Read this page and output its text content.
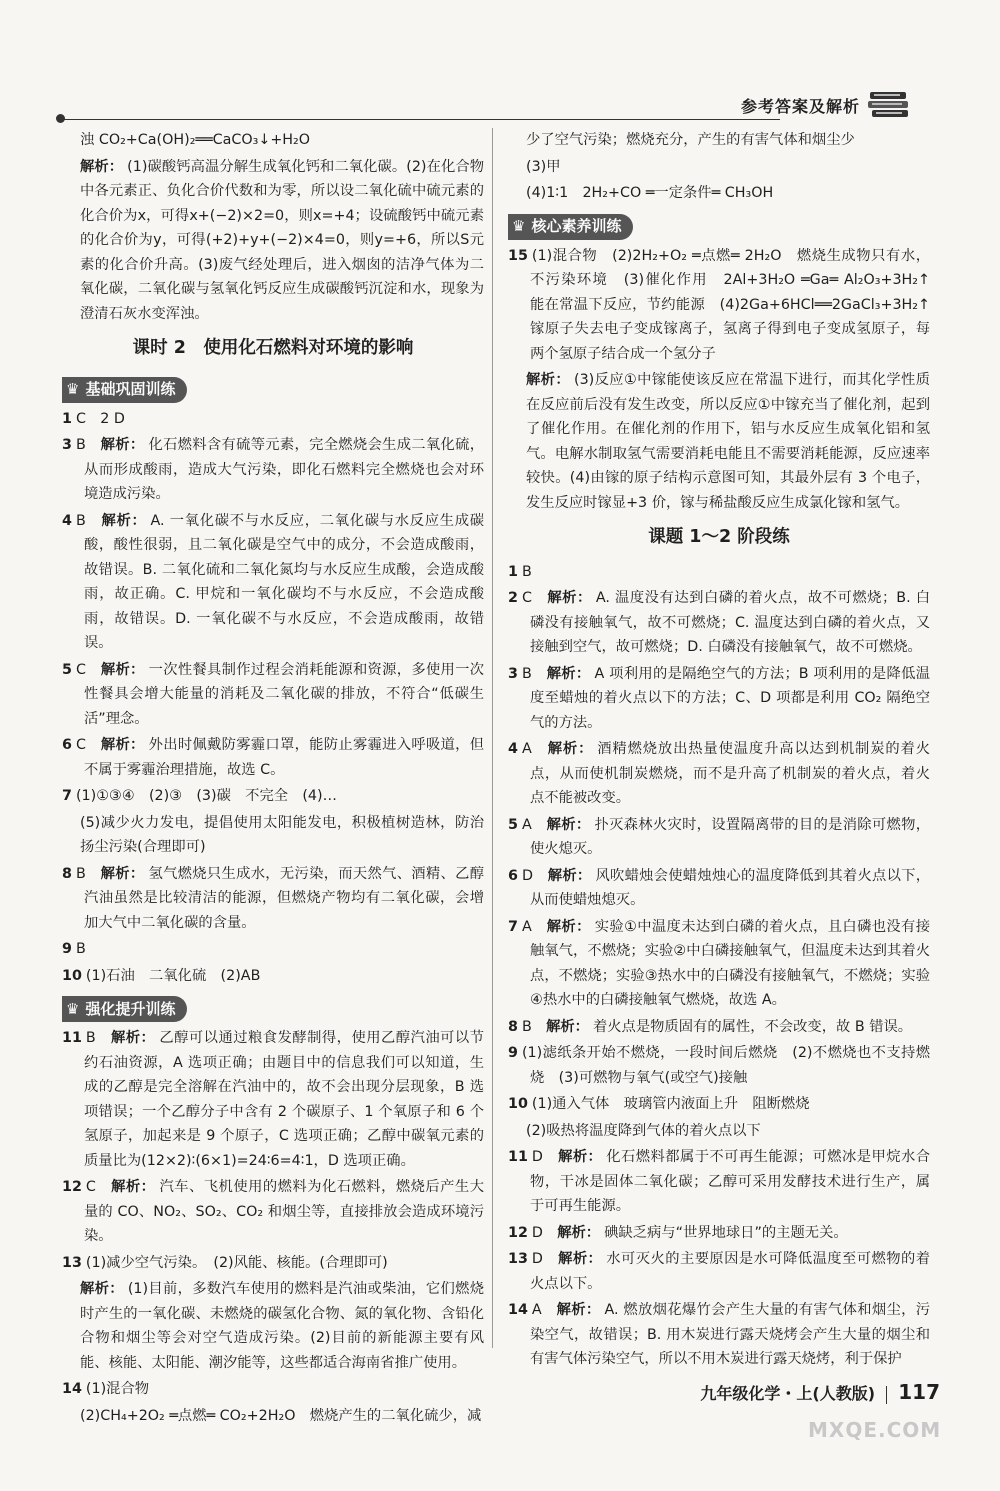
参考答案及解析

浊 CO₂+Ca(OH)₂══CaCO₃↓+H₂O

解析： (1)碳酸钙高温分解生成氧化钙和二氧化碳。(2)在化合物中各元素正、负化合价代数和为零，所以设二氧化硫中硫元素的化合价为x，可得x+(−2)×2=0，则x=+4；设硫酸钙中硫元素的化合价为y，可得(+2)+y+(−2)×4=0，则y=+6，所以S元素的化合价升高。(3)废气经处理后，进入烟囱的洁净气体为二氧化碳，二氧化碳与氢氧化钙反应生成碳酸钙沉淀和水，现象为澄清石灰水变浑浊。

课时 2　使用化石燃料对环境的影响
♛ 基础巩固训练

1 C　2 D

3 B　解析： 化石燃料含有硫等元素，完全燃烧会生成二氧化硫，从而形成酸雨，造成大气污染，即化石燃料完全燃烧也会对环境造成污染。

4 B　解析： A. 一氧化碳不与水反应，二氧化碳与水反应生成碳酸，酸性很弱，且二氧化碳是空气中的成分，不会造成酸雨，故错误。B. 二氧化硫和二氧化氮均与水反应生成酸，会造成酸雨，故正确。C. 甲烷和一氧化碳均不与水反应，不会造成酸雨，故错误。D. 一氧化碳不与水反应，不会造成酸雨，故错误。

5 C　解析： 一次性餐具制作过程会消耗能源和资源，多使用一次性餐具会增大能量的消耗及二氧化碳的排放，不符合“低碳生活”理念。

6 C　解析： 外出时佩戴防雾霾口罩，能防止雾霾进入呼吸道，但不属于雾霾治理措施，故选 C。

7 (1)①③④　(2)③　(3)碳　不完全　(4)…

(5)减少火力发电，提倡使用太阳能发电，积极植树造林，防治扬尘污染(合理即可)

8 B　解析： 氢气燃烧只生成水，无污染，而天然气、酒精、乙醇汽油虽然是比较清洁的能源，但燃烧产物均有二氧化碳，会增加大气中二氧化碳的含量。

9 B

10 (1)石油　二氧化硫　(2)AB

♛ 强化提升训练

11 B　解析： 乙醇可以通过粮食发酵制得，使用乙醇汽油可以节约石油资源，A 选项正确；由题目中的信息我们可以知道，生成的乙醇是完全溶解在汽油中的，故不会出现分层现象，B 选项错误；一个乙醇分子中含有 2 个碳原子、1 个氧原子和 6 个氢原子，加起来是 9 个原子，C 选项正确；乙醇中碳氧元素的质量比为(12×2)∶(6×1)=24∶6=4∶1，D 选项正确。

12 C　解析： 汽车、飞机使用的燃料为化石燃料，燃烧后产生大量的 CO、NO₂、SO₂、CO₂ 和烟尘等，直接排放会造成环境污染。

13 (1)减少空气污染。　(2)风能、核能。(合理即可)

解析： (1)目前，多数汽车使用的燃料是汽油或柴油，它们燃烧时产生的一氧化碳、未燃烧的碳氢化合物、氮的氧化物、含铅化合物和烟尘等会对空气造成污染。(2)目前的新能源主要有风能、核能、太阳能、潮汐能等，这些都适合海南省推广使用。

14 (1)混合物

(2)CH₄+2O₂ ═点燃═ CO₂+2H₂O　燃烧产生的二氧化硫少，减

少了空气污染；燃烧充分，产生的有害气体和烟尘少

(3)甲

(4)1∶1　2H₂+CO ═一定条件═ CH₃OH

♛ 核心素养训练

15 (1)混合物　(2)2H₂+O₂ ═点燃═ 2H₂O　燃烧生成物只有水，不污染环境　(3)催化作用　2Al+3H₂O ═Ga═ Al₂O₃+3H₂↑　能在常温下反应，节约能源　(4)2Ga+6HCl══2GaCl₃+3H₂↑　镓原子失去电子变成镓离子，氢离子得到电子变成氢原子，每两个氢原子结合成一个氢分子

解析： (3)反应①中镓能使该反应在常温下进行，而其化学性质在反应前后没有发生改变，所以反应①中镓充当了催化剂，起到了催化作用。在催化剂的作用下，铝与水反应生成氧化铝和氢气。电解水制取氢气需要消耗电能且不需要消耗能源，反应速率较快。(4)由镓的原子结构示意图可知，其最外层有 3 个电子，发生反应时镓显+3 价，镓与稀盐酸反应生成氯化镓和氢气。

课题 1～2 阶段练

1 B

2 C　解析： A. 温度没有达到白磷的着火点，故不可燃烧；B. 白磷没有接触氧气，故不可燃烧；C. 温度达到白磷的着火点，又接触到空气，故可燃烧；D. 白磷没有接触氧气，故不可燃烧。

3 B　解析： A 项利用的是隔绝空气的方法；B 项利用的是降低温度至蜡烛的着火点以下的方法；C、D 项都是利用 CO₂ 隔绝空气的方法。

4 A　解析： 酒精燃烧放出热量使温度升高以达到机制炭的着火点，从而使机制炭燃烧，而不是升高了机制炭的着火点，着火点不能被改变。

5 A　解析： 扑灭森林火灾时，设置隔离带的目的是消除可燃物，使火熄灭。

6 D　解析： 风吹蜡烛会使蜡烛烛心的温度降低到其着火点以下，从而使蜡烛熄灭。

7 A　解析： 实验①中温度未达到白磷的着火点，且白磷也没有接触氧气，不燃烧；实验②中白磷接触氧气，但温度未达到其着火点，不燃烧；实验③热水中的白磷没有接触氧气，不燃烧；实验④热水中的白磷接触氧气燃烧，故选 A。

8 B　解析： 着火点是物质固有的属性，不会改变，故 B 错误。

9 (1)滤纸条开始不燃烧，一段时间后燃烧　(2)不燃烧也不支持燃烧　(3)可燃物与氧气(或空气)接触

10 (1)通入气体　玻璃管内液面上升　阻断燃烧

(2)吸热将温度降到气体的着火点以下

11 D　解析： 化石燃料都属于不可再生能源；可燃冰是甲烷水合物，干冰是固体二氧化碳；乙醇可采用发酵技术进行生产，属于可再生能源。

12 D　解析： 碘缺乏病与“世界地球日”的主题无关。

13 D　解析： 水可灭火的主要原因是水可降低温度至可燃物的着火点以下。

14 A　解析： A. 燃放烟花爆竹会产生大量的有害气体和烟尘，污染空气，故错误；B. 用木炭进行露天烧烤会产生大量的烟尘和有害气体污染空气，所以不用木炭进行露天烧烤，利于保护

九年级化学・上(人教版) 117
MXQE.COM
